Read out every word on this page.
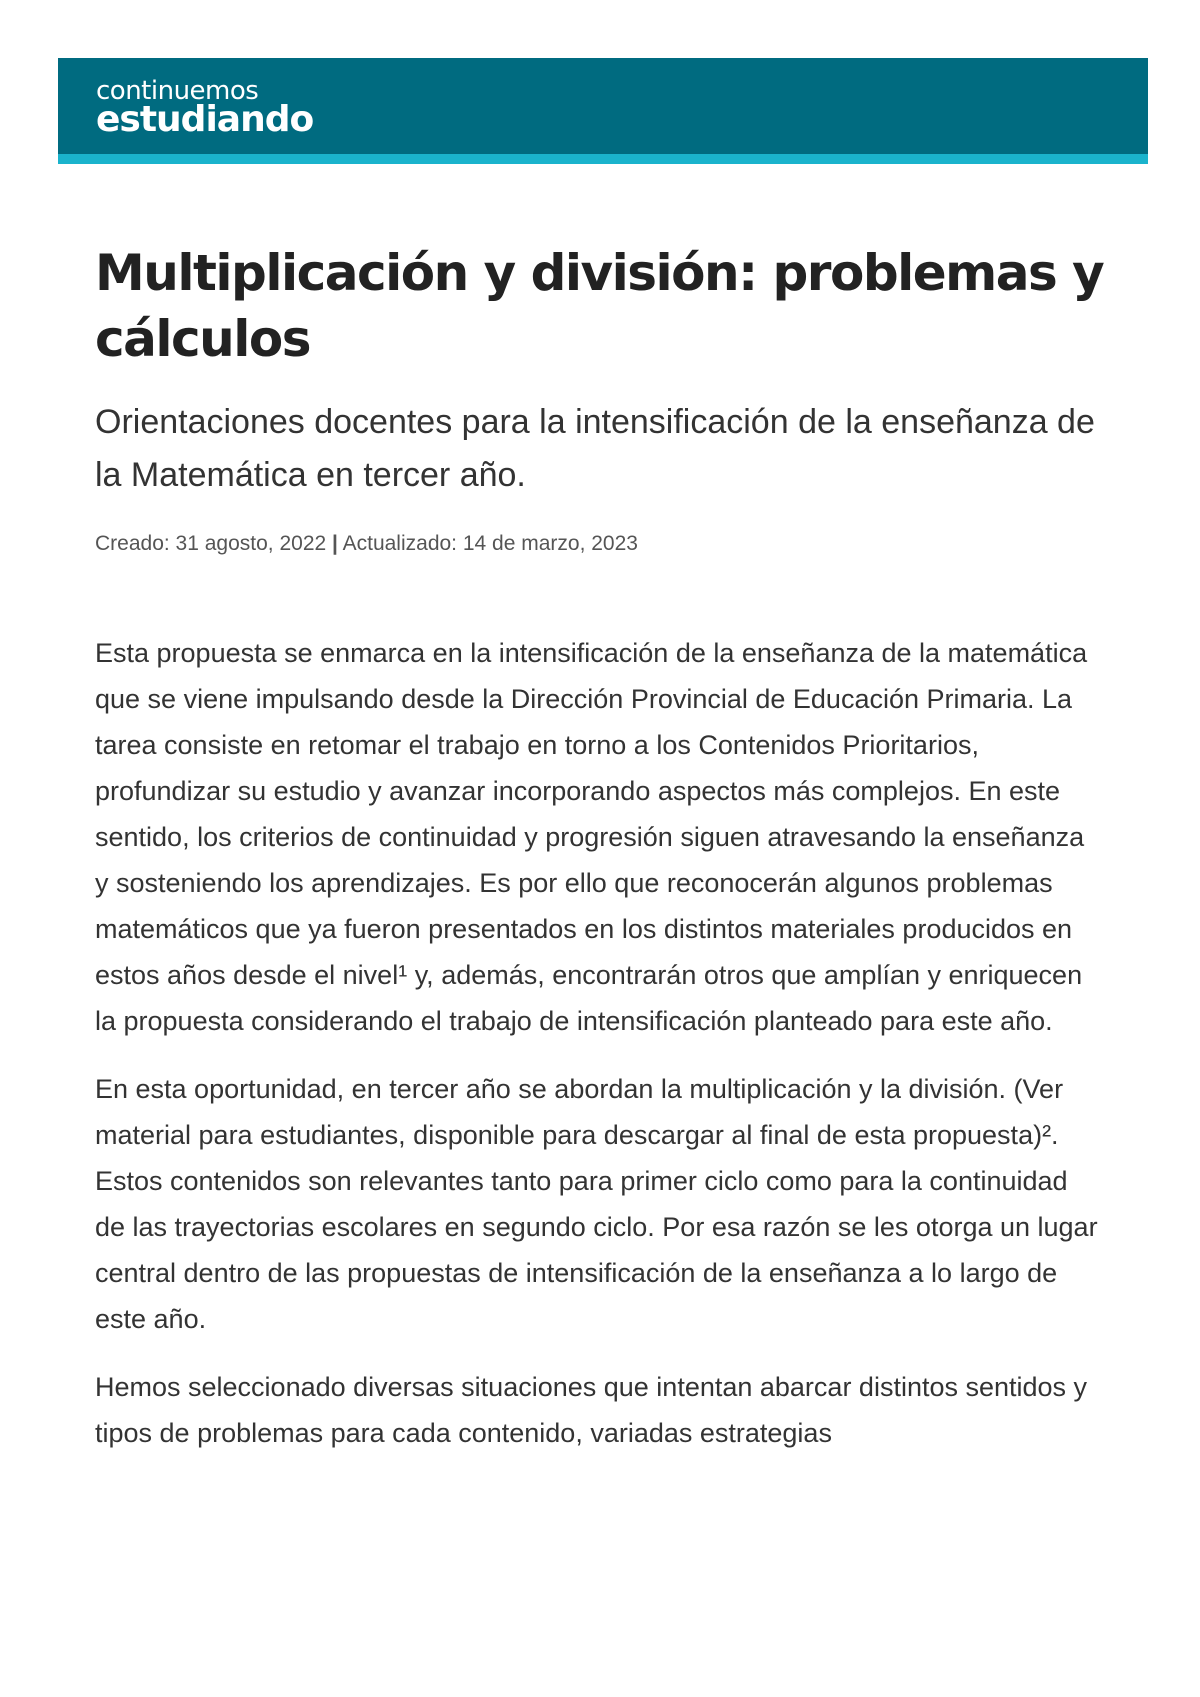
continuemos
estudiando
Multiplicación y división: problemas y cálculos

Orientaciones docentes para la intensificación de la enseñanza de la Matemática en tercer año.

Creado: 31 agosto, 2022 | Actualizado: 14 de marzo, 2023

Esta propuesta se enmarca en la intensificación de la enseñanza de la matemática que se viene impulsando desde la Dirección Provincial de Educación Primaria. La tarea consiste en retomar el trabajo en torno a los Contenidos Prioritarios, profundizar su estudio y avanzar incorporando aspectos más complejos. En este sentido, los criterios de continuidad y progresión siguen atravesando la enseñanza y sosteniendo los aprendizajes. Es por ello que reconocerán algunos problemas matemáticos que ya fueron presentados en los distintos materiales producidos en estos años desde el nivel¹ y, además, encontrarán otros que amplían y enriquecen la propuesta considerando el trabajo de intensificación planteado para este año.

En esta oportunidad, en tercer año se abordan la multiplicación y la división. (Ver material para estudiantes, disponible para descargar al final de esta propuesta)². Estos contenidos son relevantes tanto para primer ciclo como para la continuidad de las trayectorias escolares en segundo ciclo. Por esa razón se les otorga un lugar central dentro de las propuestas de intensificación de la enseñanza a lo largo de este año.

Hemos seleccionado diversas situaciones que intentan abarcar distintos sentidos y tipos de problemas para cada contenido, variadas estrategias
